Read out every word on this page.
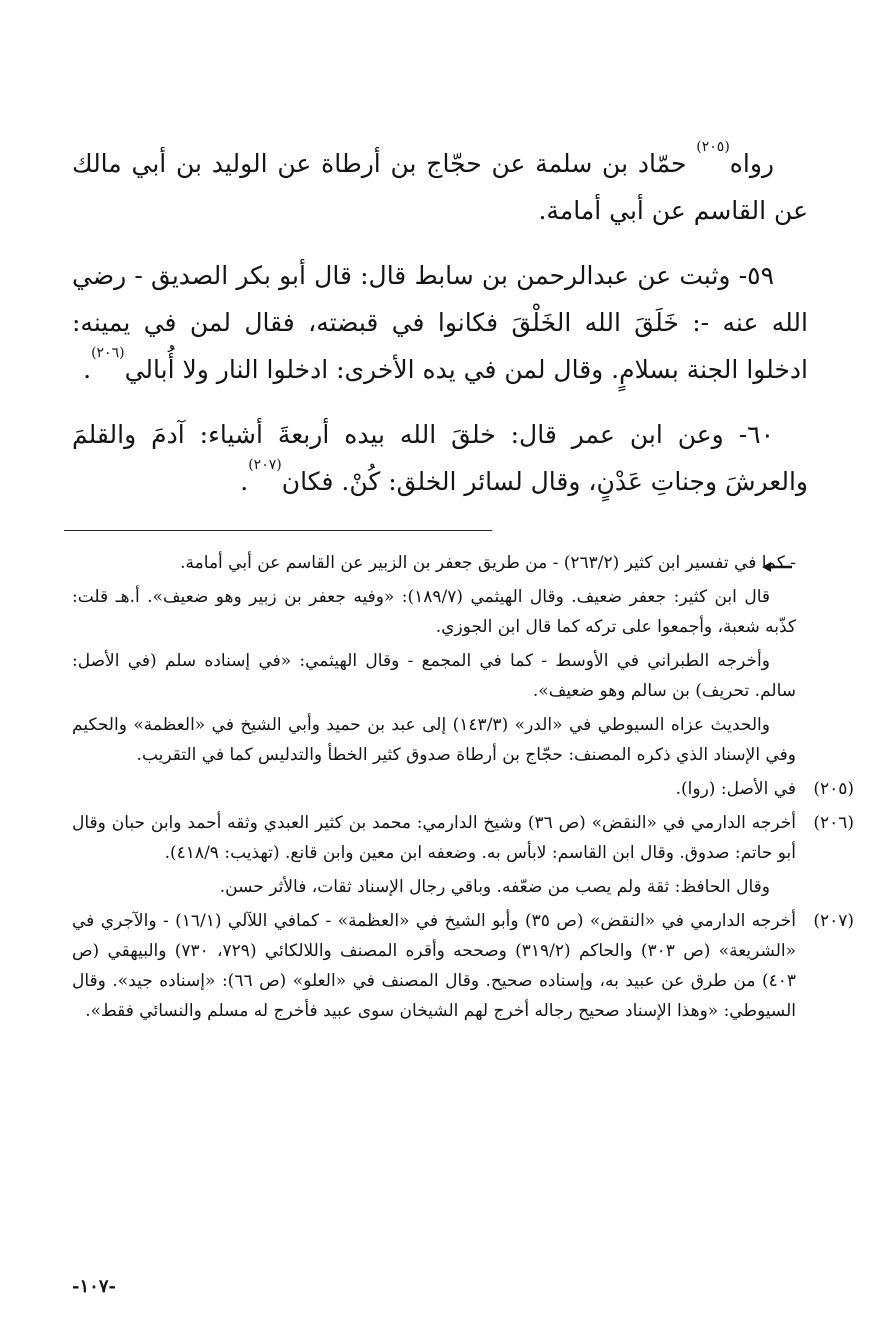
رواه$^{(٢٠٥)}$ حمّاد بن سلمة عن حجّاج بن أرطاة عن الوليد بن أبي مالك عن القاسم عن أبي أمامة.

٥٩- وثبت عن عبدالرحمن بن سابط قال: قال أبو بكر الصديق - رضي الله عنه -: خَلَقَ الله الخَلْقَ فكانوا في قبضته، فقال لمن في يمينه: ادخلوا الجنة بسلامٍ. وقال لمن في يده الأخرى: ادخلوا النار ولا أُبالي$^{(٢٠٦)}$.

٦٠- وعن ابن عمر قال: خلقَ الله بيده أربعةَ أشياء: آدمَ والقلمَ والعرشَ وجناتِ عَدْنٍ، وقال لسائر الخلق: كُنْ. فكان$^{(٢٠٧)}$.

- كما في تفسير ابن كثير (٢٦٣/٢) - من طريق جعفر بن الزبير عن القاسم عن أبي أمامة.
قال ابن كثير: جعفر ضعيف. وقال الهيثمي (١٨٩/٧): «وفيه جعفر بن زبير وهو ضعيف». أ.هـ قلت: كذّبه شعبة، وأجمعوا على تركه كما قال ابن الجوزي.
وأخرجه الطبراني في الأوسط - كما في المجمع - وقال الهيثمي: «في إسناده سلم (في الأصل: سالم. تحريف) بن سالم وهو ضعيف».
والحديث عزاه السيوطي في «الدر» (١٤٣/٣) إلى عبد بن حميد وأبي الشيخ في «العظمة» والحكيم وفي الإسناد الذي ذكره المصنف: حجّاج بن أرطاة صدوق كثير الخطأ والتدليس كما في التقريب.
(٢٠٥)
في الأصل: (روا).
(٢٠٦)
أخرجه الدارمي في «النقض» (ص ٣٦) وشيخ الدارمي: محمد بن كثير العبدي وثقه أحمد وابن حبان وقال أبو حاتم: صدوق. وقال ابن القاسم: لابأس به. وضعفه ابن معين وابن قانع. (تهذيب: ٤١٨/٩).
وقال الحافظ: ثقة ولم يصب من ضعّفه. وباقي رجال الإسناد ثقات، فالأثر حسن.
(٢٠٧)
أخرجه الدارمي في «النقض» (ص ٣٥) وأبو الشيخ في «العظمة» - كمافي اللآلي (١٦/١) - والآجري في «الشريعة» (ص ٣٠٣) والحاكم (٣١٩/٢) وصححه وأقره المصنف واللالكائي (٧٢٩، ٧٣٠) والبيهقي (ص ٤٠٣) من طرق عن عبيد به، وإسناده صحيح. وقال المصنف في «العلو» (ص ٦٦): «إسناده جيد». وقال السيوطي: «وهذا الإسناد صحيح رجاله أخرج لهم الشيخان سوى عبيد فأخرج له مسلم والنسائي فقط».
-١٠٧-
